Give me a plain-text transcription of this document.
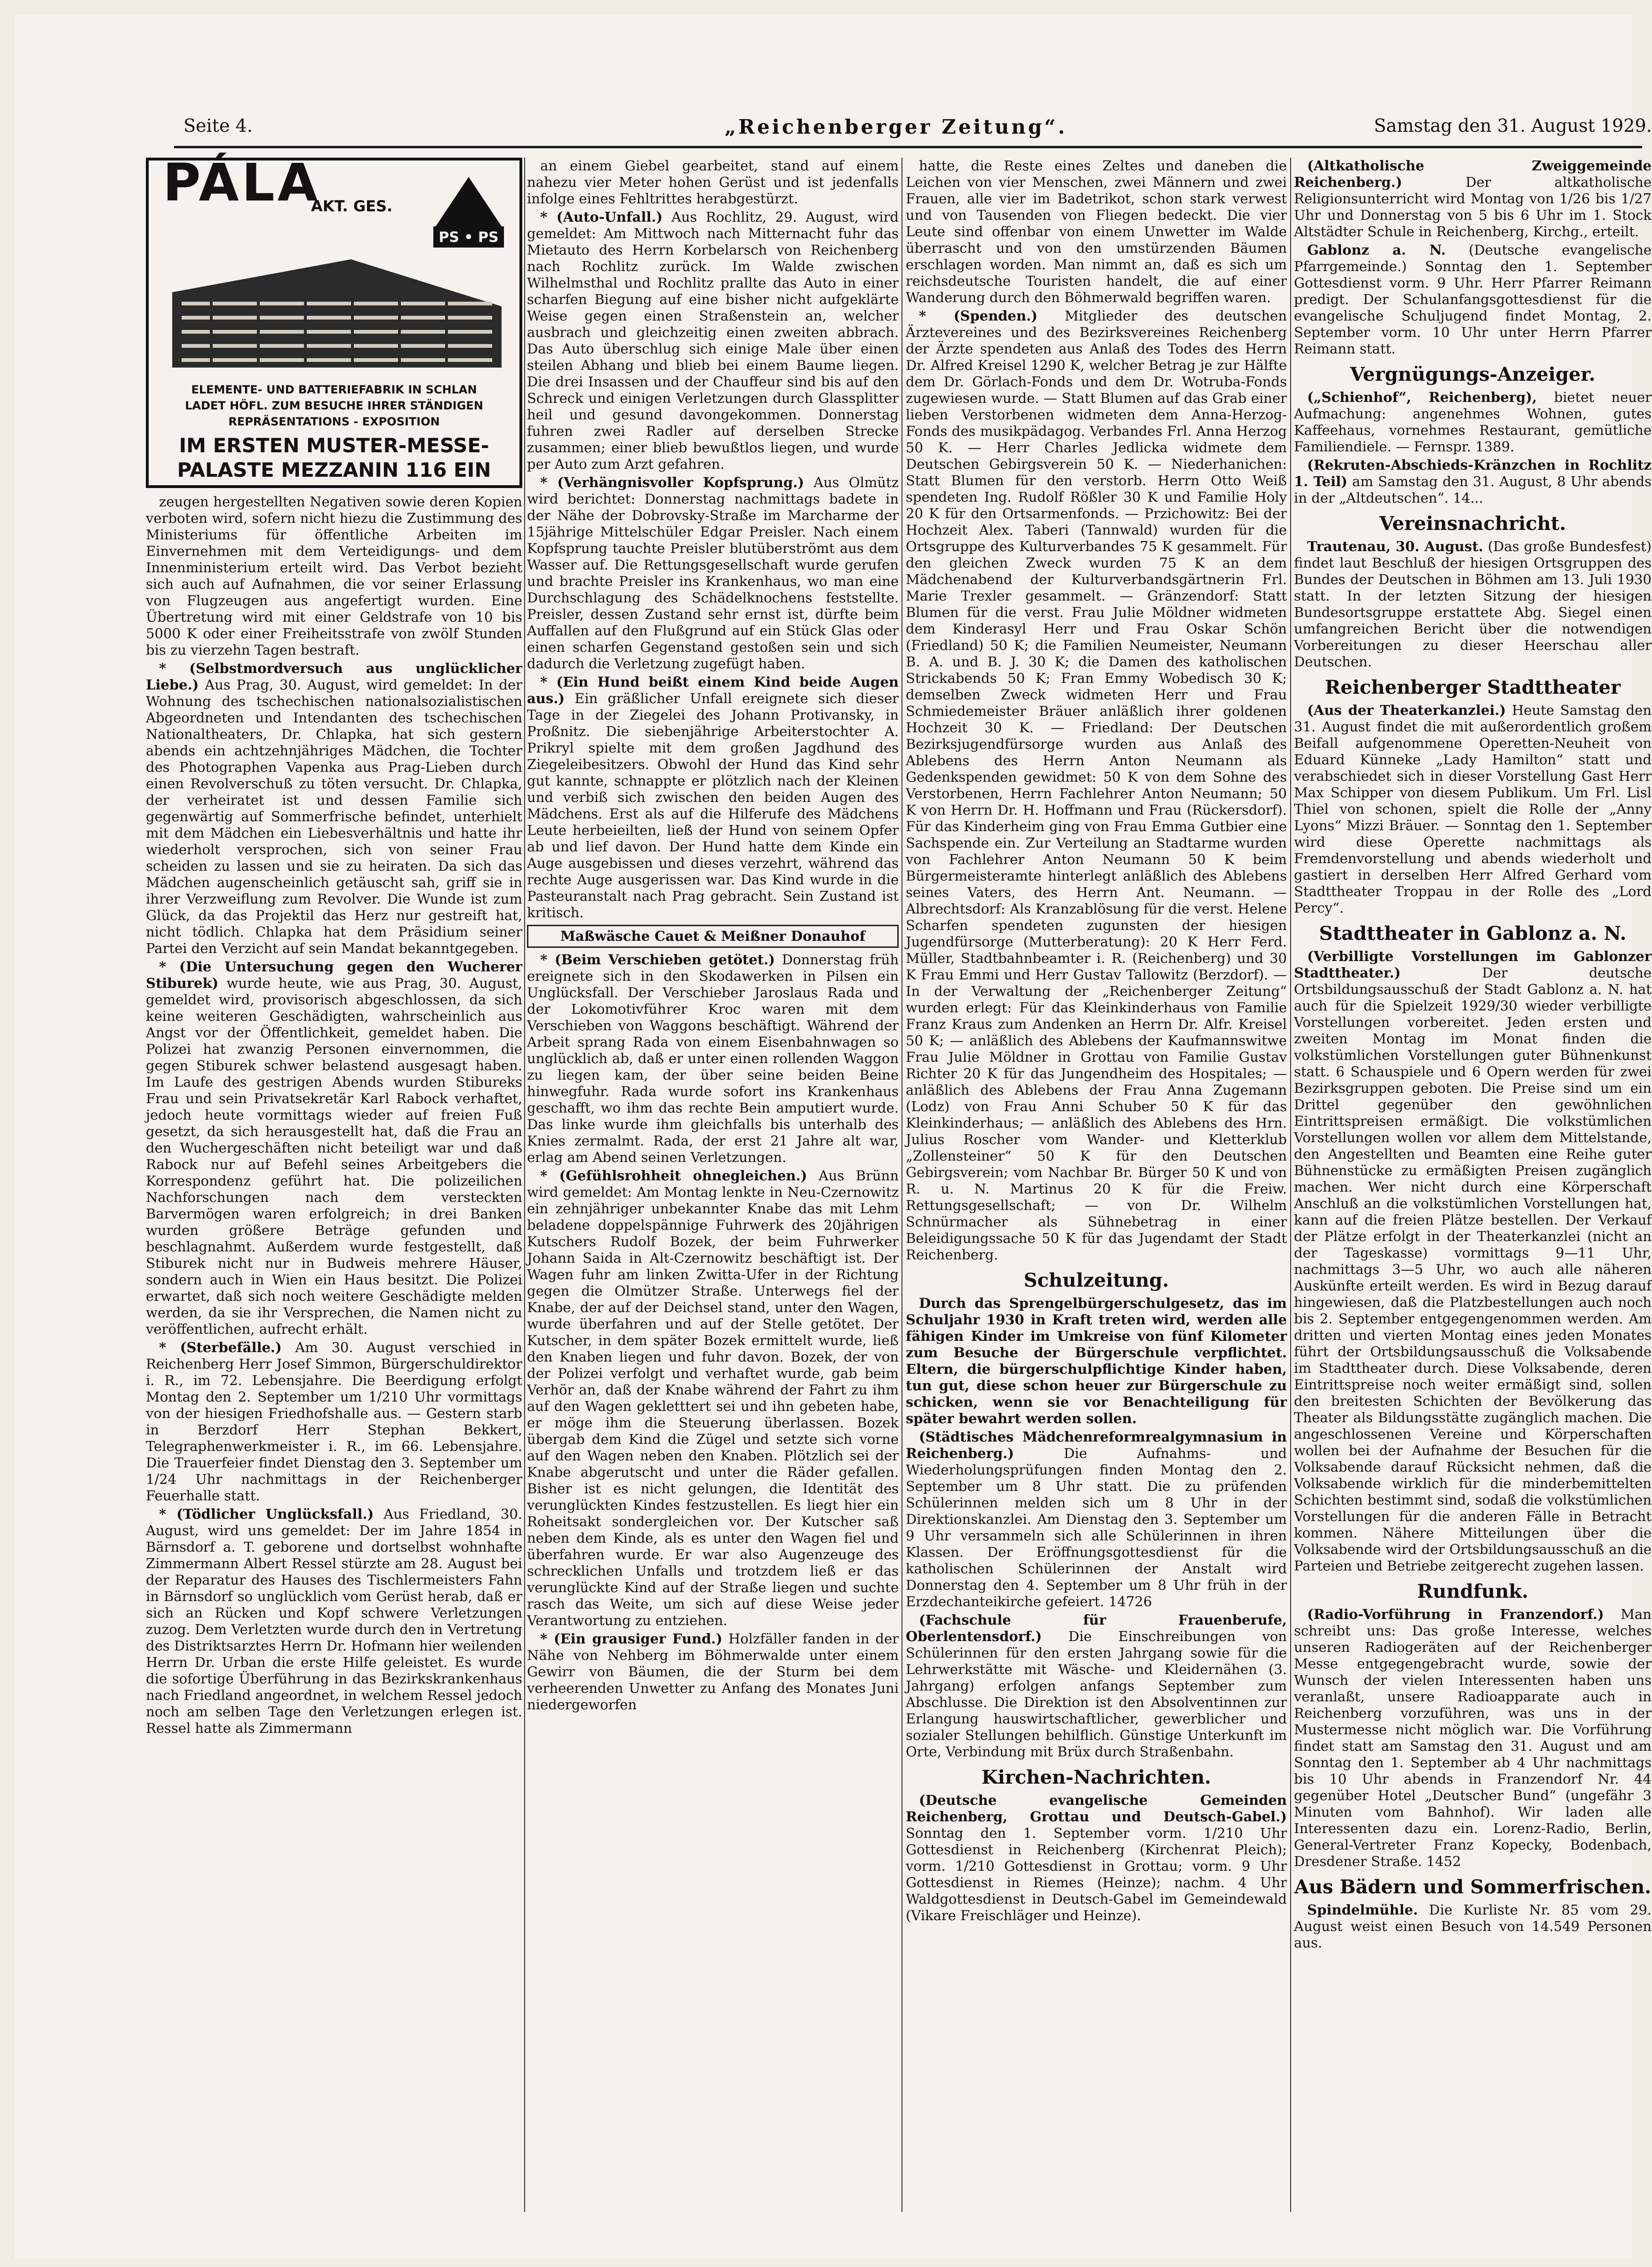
Seite 4.	„Reichenberger Zeitung“.	Samstag den 31. August 1929.
PÁLA
AKT. GES.
PS • PS
ELEMENTE- UND BATTERIEFABRIK IN SCHLAN
LADET HÖFL. ZUM BESUCHE IHRER STÄNDIGEN
REPRÄSENTATIONS - EXPOSITION
IM ERSTEN MUSTER-MESSE-
PALASTE MEZZANIN 116 EIN

zeugen hergestellten Negativen sowie deren Kopien verboten wird, sofern nicht hiezu die Zustimmung des Ministeriums für öffentliche Arbeiten im Einvernehmen mit dem Verteidigungs- und dem Innenministerium erteilt wird. Das Verbot bezieht sich auch auf Aufnahmen, die vor seiner Erlassung von Flugzeugen aus angefertigt wurden. Eine Übertretung wird mit einer Geldstrafe von 10 bis 5000 K oder einer Freiheitsstrafe von zwölf Stunden bis zu vierzehn Tagen bestraft.

* (Selbstmordversuch aus unglücklicher Liebe.) Aus Prag, 30. August, wird gemeldet: In der Wohnung des tschechischen nationalsozialistischen Abgeordneten und Intendanten des tschechischen Nationaltheaters, Dr. Chlapka, hat sich gestern abends ein achtzehnjähriges Mädchen, die Tochter des Photographen Vapenka aus Prag-Lieben durch einen Revolverschuß zu töten versucht. Dr. Chlapka, der verheiratet ist und dessen Familie sich gegenwärtig auf Sommerfrische befindet, unterhielt mit dem Mädchen ein Liebesverhältnis und hatte ihr wiederholt versprochen, sich von seiner Frau scheiden zu lassen und sie zu heiraten. Da sich das Mädchen augenscheinlich getäuscht sah, griff sie in ihrer Verzweiflung zum Revolver. Die Wunde ist zum Glück, da das Projektil das Herz nur gestreift hat, nicht tödlich. Chlapka hat dem Präsidium seiner Partei den Verzicht auf sein Mandat bekanntgegeben.

* (Die Untersuchung gegen den Wucherer Stiburek) wurde heute, wie aus Prag, 30. August, gemeldet wird, provisorisch abgeschlossen, da sich keine weiteren Geschädigten, wahrscheinlich aus Angst vor der Öffentlichkeit, gemeldet haben. Die Polizei hat zwanzig Personen einvernommen, die gegen Stiburek schwer belastend ausgesagt haben. Im Laufe des gestrigen Abends wurden Stibureks Frau und sein Privatsekretär Karl Rabock verhaftet, jedoch heute vormittags wieder auf freien Fuß gesetzt, da sich herausgestellt hat, daß die Frau an den Wuchergeschäften nicht beteiligt war und daß Rabock nur auf Befehl seines Arbeitgebers die Korrespondenz geführt hat. Die polizeilichen Nachforschungen nach dem versteckten Barvermögen waren erfolgreich; in drei Banken wurden größere Beträge gefunden und beschlagnahmt. Außerdem wurde festgestellt, daß Stiburek nicht nur in Budweis mehrere Häuser, sondern auch in Wien ein Haus besitzt. Die Polizei erwartet, daß sich noch weitere Geschädigte melden werden, da sie ihr Versprechen, die Namen nicht zu veröffentlichen, aufrecht erhält.

* (Sterbefälle.) Am 30. August verschied in Reichenberg Herr Josef Simmon, Bürgerschuldirektor i. R., im 72. Lebensjahre. Die Beerdigung erfolgt Montag den 2. September um 1/210 Uhr vormittags von der hiesigen Friedhofshalle aus. — Gestern starb in Berzdorf Herr Stephan Bekkert, Telegraphenwerkmeister i. R., im 66. Lebensjahre. Die Trauerfeier findet Dienstag den 3. September um 1/24 Uhr nachmittags in der Reichenberger Feuerhalle statt.

* (Tödlicher Unglücksfall.) Aus Friedland, 30. August, wird uns gemeldet: Der im Jahre 1854 in Bärnsdorf a. T. geborene und dortselbst wohnhafte Zimmermann Albert Ressel stürzte am 28. August bei der Reparatur des Hauses des Tischlermeisters Fahn in Bärnsdorf so unglücklich vom Gerüst herab, daß er sich an Rücken und Kopf schwere Verletzungen zuzog. Dem Verletzten wurde durch den in Vertretung des Distriktsarztes Herrn Dr. Hofmann hier weilenden Herrn Dr. Urban die erste Hilfe geleistet. Es wurde die sofortige Überführung in das Bezirkskrankenhaus nach Friedland angeordnet, in welchem Ressel jedoch noch am selben Tage den Verletzungen erlegen ist. Ressel hatte als Zimmermann

an einem Giebel gearbeitet, stand auf einem nahezu vier Meter hohen Gerüst und ist jedenfalls infolge eines Fehltrittes herabgestürzt.

* (Auto-Unfall.) Aus Rochlitz, 29. August, wird gemeldet: Am Mittwoch nach Mitternacht fuhr das Mietauto des Herrn Korbelarsch von Reichenberg nach Rochlitz zurück. Im Walde zwischen Wilhelmsthal und Rochlitz prallte das Auto in einer scharfen Biegung auf eine bisher nicht aufgeklärte Weise gegen einen Straßenstein an, welcher ausbrach und gleichzeitig einen zweiten abbrach. Das Auto überschlug sich einige Male über einen steilen Abhang und blieb bei einem Baume liegen. Die drei Insassen und der Chauffeur sind bis auf den Schreck und einigen Verletzungen durch Glassplitter heil und gesund davongekommen. Donnerstag fuhren zwei Radler auf derselben Strecke zusammen; einer blieb bewußtlos liegen, und wurde per Auto zum Arzt gefahren.

* (Verhängnisvoller Kopfsprung.) Aus Olmütz wird berichtet: Donnerstag nachmittags badete in der Nähe der Dobrovsky-Straße im Marcharme der 15jährige Mittelschüler Edgar Preisler. Nach einem Kopfsprung tauchte Preisler blutüberströmt aus dem Wasser auf. Die Rettungsgesellschaft wurde gerufen und brachte Preisler ins Krankenhaus, wo man eine Durchschlagung des Schädelknochens feststellte. Preisler, dessen Zustand sehr ernst ist, dürfte beim Auffallen auf den Flußgrund auf ein Stück Glas oder einen scharfen Gegenstand gestoßen sein und sich dadurch die Verletzung zugefügt haben.

* (Ein Hund beißt einem Kind beide Augen aus.) Ein gräßlicher Unfall ereignete sich dieser Tage in der Ziegelei des Johann Protivansky, in Proßnitz. Die siebenjährige Arbeiterstochter A. Prikryl spielte mit dem großen Jagdhund des Ziegeleibesitzers. Obwohl der Hund das Kind sehr gut kannte, schnappte er plötzlich nach der Kleinen und verbiß sich zwischen den beiden Augen des Mädchens. Erst als auf die Hilferufe des Mädchens Leute herbeieilten, ließ der Hund von seinem Opfer ab und lief davon. Der Hund hatte dem Kinde ein Auge ausgebissen und dieses verzehrt, während das rechte Auge ausgerissen war. Das Kind wurde in die Pasteuranstalt nach Prag gebracht. Sein Zustand ist kritisch.

Maßwäsche Cauet & Meißner Donauhof

* (Beim Verschieben getötet.) Donnerstag früh ereignete sich in den Skodawerken in Pilsen ein Unglücksfall. Der Verschieber Jaroslaus Rada und der Lokomotivführer Kroc waren mit dem Verschieben von Waggons beschäftigt. Während der Arbeit sprang Rada von einem Eisenbahnwagen so unglücklich ab, daß er unter einen rollenden Waggon zu liegen kam, der über seine beiden Beine hinwegfuhr. Rada wurde sofort ins Krankenhaus geschafft, wo ihm das rechte Bein amputiert wurde. Das linke wurde ihm gleichfalls bis unterhalb des Knies zermalmt. Rada, der erst 21 Jahre alt war, erlag am Abend seinen Verletzungen.

* (Gefühlsrohheit ohnegleichen.) Aus Brünn wird gemeldet: Am Montag lenkte in Neu-Czernowitz ein zehnjähriger unbekannter Knabe das mit Lehm beladene doppelspännige Fuhrwerk des 20jährigen Kutschers Rudolf Bozek, der beim Fuhrwerker Johann Saida in Alt-Czernowitz beschäftigt ist. Der Wagen fuhr am linken Zwitta-Ufer in der Richtung gegen die Olmützer Straße. Unterwegs fiel der Knabe, der auf der Deichsel stand, unter den Wagen, wurde überfahren und auf der Stelle getötet. Der Kutscher, in dem später Bozek ermittelt wurde, ließ den Knaben liegen und fuhr davon. Bozek, der von der Polizei verfolgt und verhaftet wurde, gab beim Verhör an, daß der Knabe während der Fahrt zu ihm auf den Wagen gekletttert sei und ihn gebeten habe, er möge ihm die Steuerung überlassen. Bozek übergab dem Kind die Zügel und setzte sich vorne auf den Wagen neben den Knaben. Plötzlich sei der Knabe abgerutscht und unter die Räder gefallen. Bisher ist es nicht gelungen, die Identität des verunglückten Kindes festzustellen. Es liegt hier ein Roheitsakt sondergleichen vor. Der Kutscher saß neben dem Kinde, als es unter den Wagen fiel und überfahren wurde. Er war also Augenzeuge des schrecklichen Unfalls und trotzdem ließ er das verunglückte Kind auf der Straße liegen und suchte rasch das Weite, um sich auf diese Weise jeder Verantwortung zu entziehen.

* (Ein grausiger Fund.) Holzfäller fanden in der Nähe von Nehberg im Böhmerwalde unter einem Gewirr von Bäumen, die der Sturm bei dem verheerenden Unwetter zu Anfang des Monates Juni niedergeworfen

hatte, die Reste eines Zeltes und daneben die Leichen von vier Menschen, zwei Männern und zwei Frauen, alle vier im Badetrikot, schon stark verwest und von Tausenden von Fliegen bedeckt. Die vier Leute sind offenbar von einem Unwetter im Walde überrascht und von den umstürzenden Bäumen erschlagen worden. Man nimmt an, daß es sich um reichsdeutsche Touristen handelt, die auf einer Wanderung durch den Böhmerwald begriffen waren.

* (Spenden.) Mitglieder des deutschen Ärztevereines und des Bezirksvereines Reichenberg der Ärzte spendeten aus Anlaß des Todes des Herrn Dr. Alfred Kreisel 1290 K, welcher Betrag je zur Hälfte dem Dr. Görlach-Fonds und dem Dr. Wotruba-Fonds zugewiesen wurde. — Statt Blumen auf das Grab einer lieben Verstorbenen widmeten dem Anna-Herzog-Fonds des musikpädagog. Verbandes Frl. Anna Herzog 50 K. — Herr Charles Jedlicka widmete dem Deutschen Gebirgsverein 50 K. — Niederhanichen: Statt Blumen für den verstorb. Herrn Otto Weiß spendeten Ing. Rudolf Rößler 30 K und Familie Holy 20 K für den Ortsarmenfonds. — Przichowitz: Bei der Hochzeit Alex. Taberi (Tannwald) wurden für die Ortsgruppe des Kulturverbandes 75 K gesammelt. Für den gleichen Zweck wurden 75 K an dem Mädchenabend der Kulturverbandsgärtnerin Frl. Marie Trexler gesammelt. — Gränzendorf: Statt Blumen für die verst. Frau Julie Möldner widmeten dem Kinderasyl Herr und Frau Oskar Schön (Friedland) 50 K; die Familien Neumeister, Neumann B. A. und B. J. 30 K; die Damen des katholischen Strickabends 50 K; Fran Emmy Wobedisch 30 K; demselben Zweck widmeten Herr und Frau Schmiedemeister Bräuer anläßlich ihrer goldenen Hochzeit 30 K. — Friedland: Der Deutschen Bezirksjugendfürsorge wurden aus Anlaß des Ablebens des Herrn Anton Neumann als Gedenkspenden gewidmet: 50 K von dem Sohne des Verstorbenen, Herrn Fachlehrer Anton Neumann; 50 K von Herrn Dr. H. Hoffmann und Frau (Rückersdorf). Für das Kinderheim ging von Frau Emma Gutbier eine Sachspende ein. Zur Verteilung an Stadtarme wurden von Fachlehrer Anton Neumann 50 K beim Bürgermeisteramte hinterlegt anläßlich des Ablebens seines Vaters, des Herrn Ant. Neumann. — Albrechtsdorf: Als Kranzablösung für die verst. Helene Scharfen spendeten zugunsten der hiesigen Jugendfürsorge (Mutterberatung): 20 K Herr Ferd. Müller, Stadtbahnbeamter i. R. (Reichenberg) und 30 K Frau Emmi und Herr Gustav Tallowitz (Berzdorf). — In der Verwaltung der „Reichenberger Zeitung“ wurden erlegt: Für das Kleinkinderhaus von Familie Franz Kraus zum Andenken an Herrn Dr. Alfr. Kreisel 50 K; — anläßlich des Ablebens der Kaufmannswitwe Frau Julie Möldner in Grottau von Familie Gustav Richter 20 K für das Jungendheim des Hospitales; — anläßlich des Ablebens der Frau Anna Zugemann (Lodz) von Frau Anni Schuber 50 K für das Kleinkinderhaus; — anläßlich des Ablebens des Hrn. Julius Roscher vom Wander- und Kletterklub „Zollensteiner“ 50 K für den Deutschen Gebirgsverein; vom Nachbar Br. Bürger 50 K und von R. u. N. Martinus 20 K für die Freiw. Rettungsgesellschaft; — von Dr. Wilhelm Schnürmacher als Sühnebetrag in einer Beleidigungssache 50 K für das Jugendamt der Stadt Reichenberg.

Schulzeitung.

Durch das Sprengelbürgerschulgesetz, das im Schuljahr 1930 in Kraft treten wird, werden alle fähigen Kinder im Umkreise von fünf Kilometer zum Besuche der Bürgerschule verpflichtet. Eltern, die bürgerschulpflichtige Kinder haben, tun gut, diese schon heuer zur Bürgerschule zu schicken, wenn sie vor Benachteiligung für später bewahrt werden sollen.

(Städtisches Mädchenreformrealgymnasium in Reichenberg.)	Die Aufnahms- und Wiederholungsprüfungen finden Montag den 2. September um 8 Uhr statt. Die zu prüfenden Schülerinnen melden sich um 8 Uhr in der Direktionskanzlei. Am Dienstag den 3. September um 9 Uhr versammeln sich alle Schülerinnen in ihren Klassen. Der Eröffnungsgottesdienst für die katholischen Schülerinnen der Anstalt wird Donnerstag den 4. September um 8 Uhr früh in der Erzdechanteikirche gefeiert. 14726

(Fachschule für Frauenberufe, Oberlentensdorf.) Die Einschreibungen von Schülerinnen für den ersten Jahrgang sowie für die Lehrwerkstätte mit Wäsche- und Kleidernähen (3. Jahrgang) erfolgen anfangs September zum Abschlusse. Die Direktion ist den Absolventinnen zur Erlangung hauswirtschaftlicher, gewerblicher und sozialer Stellungen behilflich. Günstige Unterkunft im Orte, Verbindung mit Brüx durch Straßenbahn.

Kirchen-Nachrichten.

(Deutsche evangelische Gemeinden Reichenberg, Grottau und Deutsch-Gabel.) Sonntag den 1. September vorm. 1/210 Uhr Gottesdienst in Reichenberg (Kirchenrat Pleich); vorm. 1/210 Gottesdienst in Grottau; vorm. 9 Uhr Gottesdienst in Riemes (Heinze); nachm. 4 Uhr Waldgottesdienst in Deutsch-Gabel im Gemeindewald (Vikare Freischläger und Heinze).

(Altkatholische Zweiggemeinde Reichenberg.)	Der altkatholische Religionsunterricht wird Montag von 1/26 bis 1/27 Uhr und Donnerstag von 5 bis 6 Uhr im 1. Stock Altstädter Schule in Reichenberg, Kirchg., erteilt.

Gablonz a. N. (Deutsche evangelische Pfarrgemeinde.) Sonntag den 1. September Gottesdienst vorm. 9 Uhr. Herr Pfarrer Reimann predigt. Der Schulanfangsgottesdienst für die evangelische Schuljugend findet Montag, 2. September vorm. 10 Uhr unter Herrn Pfarrer Reimann statt.

Vergnügungs-Anzeiger.

(„Schienhof“, Reichenberg), bietet neuer Aufmachung: angenehmes Wohnen, gutes Kaffeehaus, vornehmes Restaurant, gemütliche Familiendiele. — Fernspr. 1389.

(Rekruten-Abschieds-Kränzchen in Rochlitz 1. Teil) am Samstag den 31. August, 8 Uhr abends in der „Altdeutschen“. 14...

Vereinsnachricht.

Trautenau, 30. August. (Das große Bundesfest) findet laut Beschluß der hiesigen Ortsgruppen des Bundes der Deutschen in Böhmen am 13. Juli 1930 statt. In der letzten Sitzung der hiesigen Bundesortsgruppe erstattete Abg. Siegel einen umfangreichen Bericht über die notwendigen Vorbereitungen zu dieser Heerschau aller Deutschen.

Reichenberger Stadttheater

(Aus der Theaterkanzlei.) Heute Samstag den 31. August findet die mit außerordentlich großem Beifall aufgenommene Operetten-Neuheit von Eduard Künneke „Lady Hamilton“ statt und verabschiedet sich in dieser Vorstellung Gast Herr Max Schipper von diesem Publikum. Um Frl. Lisl Thiel von schonen, spielt die Rolle der „Anny Lyons“ Mizzi Bräuer. — Sonntag den 1. September wird diese Operette nachmittags als Fremdenvorstellung und abends wiederholt und gastiert in derselben Herr Alfred Gerhard vom Stadttheater Troppau in der Rolle des „Lord Percy“.

Stadttheater in Gablonz a. N.

(Verbilligte Vorstellungen im Gablonzer Stadttheater.)	Der deutsche Ortsbildungsausschuß der Stadt Gablonz a. N. hat auch für die Spielzeit 1929/30 wieder verbilligte Vorstellungen vorbereitet. Jeden ersten und zweiten Montag im Monat finden die volkstümlichen Vorstellungen guter Bühnenkunst statt. 6 Schauspiele und 6 Opern werden für zwei Bezirksgruppen geboten. Die Preise sind um ein Drittel gegenüber den gewöhnlichen Eintrittspreisen ermäßigt. Die volkstümlichen Vorstellungen wollen vor allem dem Mittelstande, den Angestellten und Beamten eine Reihe guter Bühnenstücke zu ermäßigten Preisen zugänglich machen. Wer nicht durch eine Körperschaft Anschluß an die volkstümlichen Vorstellungen hat, kann auf die freien Plätze bestellen. Der Verkauf der Plätze erfolgt in der Theaterkanzlei (nicht an der Tageskasse) vormittags 9—11 Uhr, nachmittags 3—5 Uhr, wo auch alle näheren Auskünfte erteilt werden. Es wird in Bezug darauf hingewiesen, daß die Platzbestellungen auch noch bis 2. September entgegengenommen werden. Am dritten und vierten Montag eines jeden Monates führt der Ortsbildungsausschuß die Volksabende im Stadttheater durch. Diese Volksabende, deren Eintrittspreise noch weiter ermäßigt sind, sollen den breitesten Schichten der Bevölkerung das Theater als Bildungsstätte zugänglich machen. Die angeschlossenen Vereine und Körperschaften wollen bei der Aufnahme der Besuchen für die Volksabende darauf Rücksicht nehmen, daß die Volksabende wirklich für die minderbemittelten Schichten bestimmt sind, sodaß die volkstümlichen Vorstellungen für die anderen Fälle in Betracht kommen. Nähere Mitteilungen über die Volksabende wird der Ortsbildungsausschuß an die Parteien und Betriebe zeitgerecht zugehen lassen.

Rundfunk.

(Radio-Vorführung in Franzendorf.) Man schreibt uns: Das große Interesse, welches unseren Radiogeräten auf der Reichenberger Messe entgegengebracht wurde, sowie der Wunsch der vielen Interessenten haben uns veranlaßt, unsere Radioapparate auch in Reichenberg vorzuführen, was uns in der Mustermesse nicht möglich war. Die Vorführung findet statt am Samstag den 31. August und am Sonntag den 1. September ab 4 Uhr nachmittags bis 10 Uhr abends in Franzendorf Nr. 44 gegenüber Hotel „Deutscher Bund“ (ungefähr 3 Minuten vom Bahnhof). Wir laden alle Interessenten dazu ein. Lorenz-Radio, Berlin, General-Vertreter Franz Kopecky, Bodenbach, Dresdener Straße. 1452

Aus Bädern und Sommerfrischen.

Spindelmühle. Die Kurliste Nr. 85 vom 29. August weist einen Besuch von 14.549 Personen aus.
